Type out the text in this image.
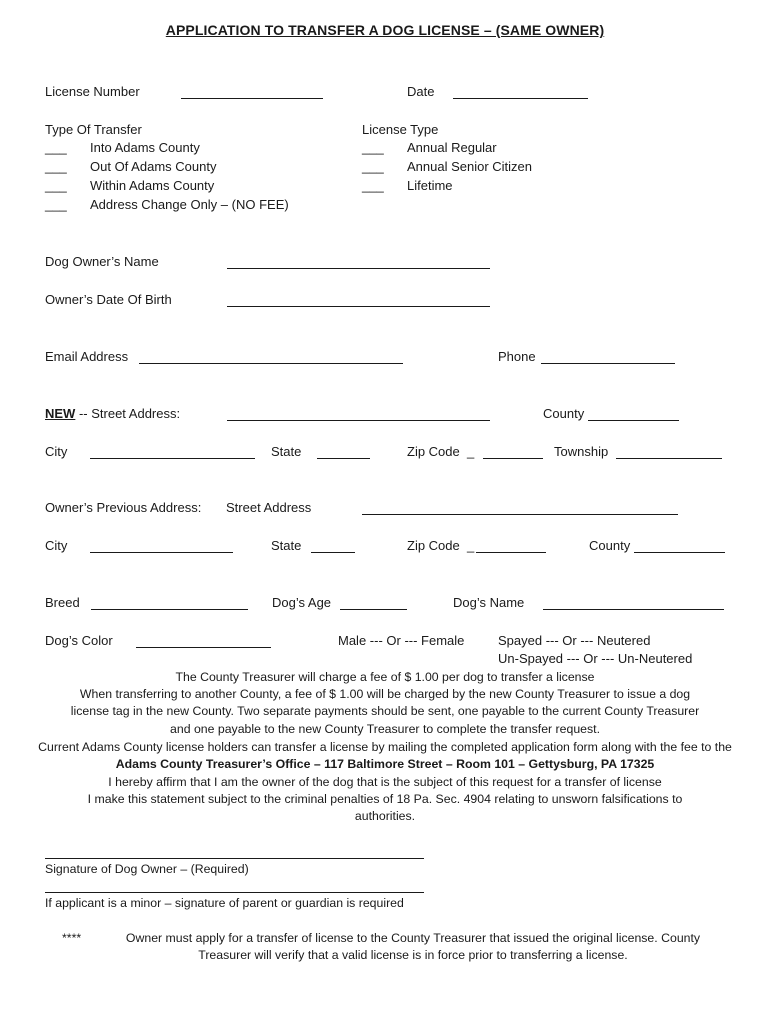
APPLICATION TO TRANSFER A DOG LICENSE – (SAME OWNER)
License Number	Date
Type Of Transfer
___ Into Adams County
___ Out Of Adams County
___ Within Adams County
___ Address Change Only – (NO FEE)
License Type
___ Annual Regular
___ Annual Senior Citizen
___ Lifetime
Dog Owner’s Name
Owner’s Date Of Birth
Email Address	Phone
NEW -- Street Address:	County
City	State	Zip Code _	Township
Owner’s Previous Address: Street Address
City	State	Zip Code _	County
Breed	Dog’s Age	Dog’s Name
Dog’s Color	Male --- Or --- Female	Spayed --- Or --- Neutered
Un-Spayed --- Or --- Un-Neutered
The County Treasurer will charge a fee of $ 1.00 per dog to transfer a license
When transferring to another County, a fee of $ 1.00 will be charged by the new County Treasurer to issue a dog license tag in the new County. Two separate payments should be sent, one payable to the current County Treasurer and one payable to the new County Treasurer to complete the transfer request.
Current Adams County license holders can transfer a license by mailing the completed application form along with the fee to the Adams County Treasurer’s Office – 117 Baltimore Street – Room 101 – Gettysburg, PA 17325
I hereby affirm that I am the owner of the dog that is the subject of this request for a transfer of license
I make this statement subject to the criminal penalties of 18 Pa. Sec. 4904 relating to unsworn falsifications to authorities.
Signature of Dog Owner – (Required)
If applicant is a minor – signature of parent or guardian is required
****	Owner must apply for a transfer of license to the County Treasurer that issued the original license. County Treasurer will verify that a valid license is in force prior to transferring a license.
